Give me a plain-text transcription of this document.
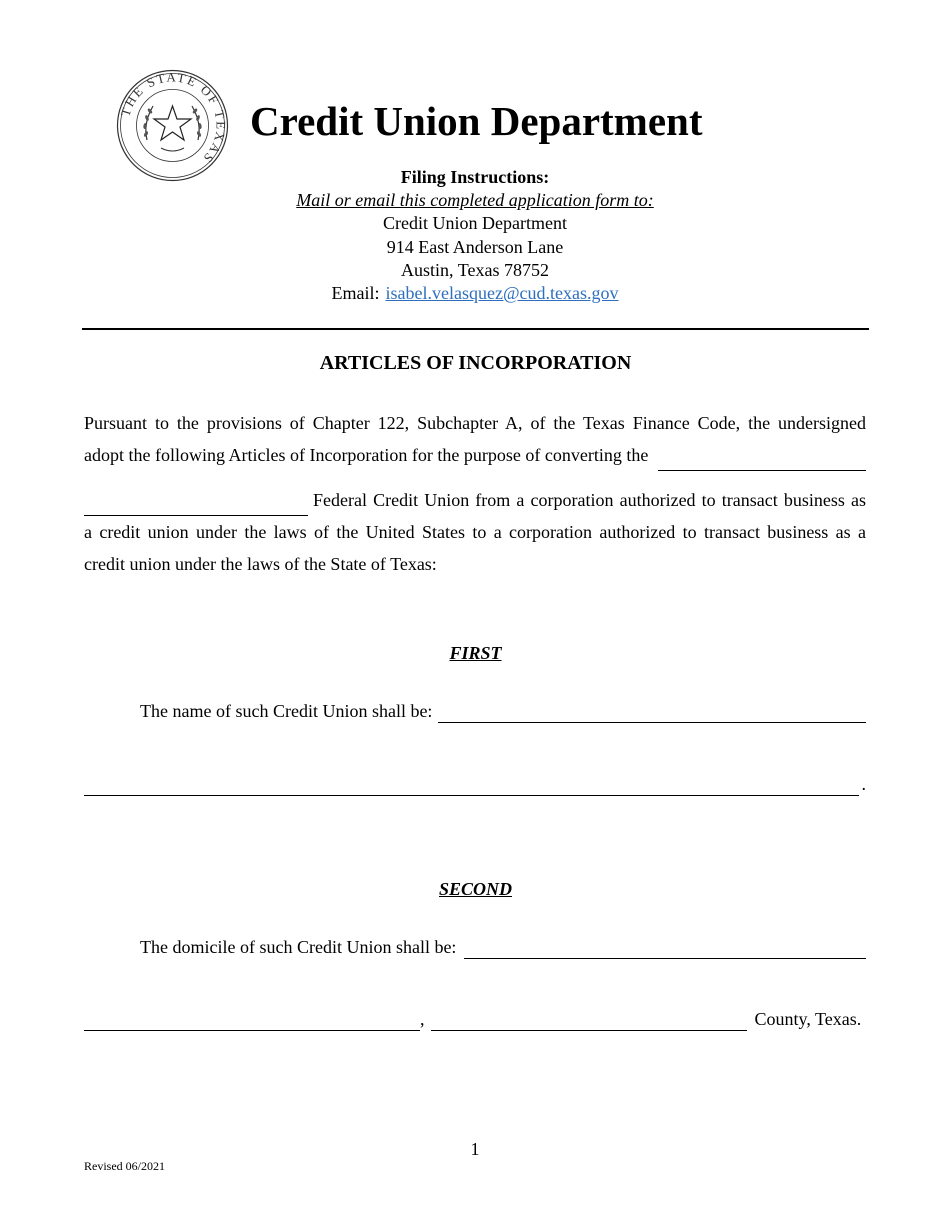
THE STATE OF TEXAS
Credit Union Department
Filing Instructions:
Mail or email this completed application form to:
Credit Union Department
914 East Anderson Lane
Austin, Texas 78752
Email: isabel.velasquez@cud.texas.gov
ARTICLES OF INCORPORATION
Pursuant to the provisions of Chapter 122, Subchapter A, of the Texas Finance Code, the undersigned
adopt the following Articles of Incorporation for the purpose of converting the
Federal Credit Union from a corporation authorized to transact business as
a credit union under the laws of the United States to a corporation authorized to transact business as a
credit union under the laws of the State of Texas:
FIRST
The name of such Credit Union shall be:
.
SECOND
The domicile of such Credit Union shall be:
,	County, Texas.
1
Revised 06/2021
